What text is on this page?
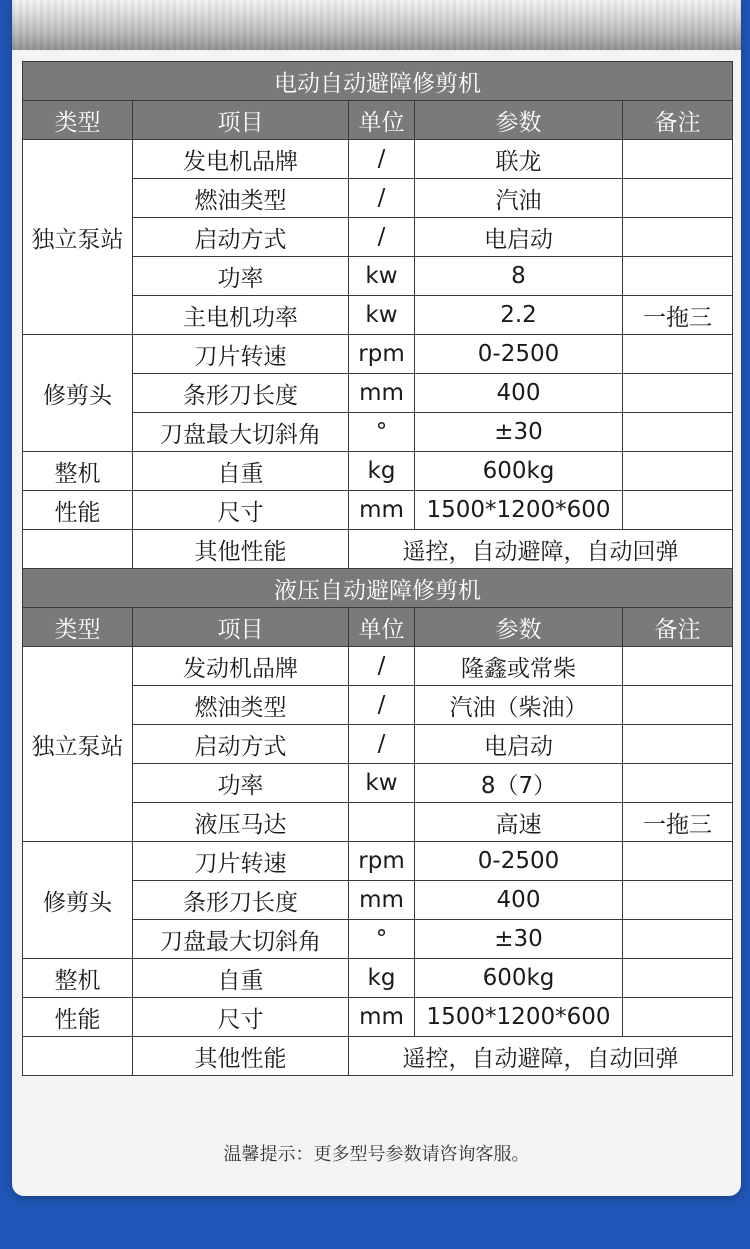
电动自动避障修剪机				
类型	项目	单位	参数	备注
独立泵站	发电机品牌	/	联龙	
	燃油类型	/	汽油	
	启动方式	/	电启动	
	功率	kw	8	
	主电机功率	kw	2.2	一拖三
修剪头	刀片转速	rpm	0-2500	
	条形刀长度	mm	400	
	刀盘最大切斜角	°	±30	
整机	自重	kg	600kg	
性能	尺寸	mm	1500*1200*600	
	其他性能	遥控，自动避障，自动回弹		
液压自动避障修剪机				
类型	项目	单位	参数	备注
独立泵站	发动机品牌	/	隆鑫或常柴	
	燃油类型	/	汽油（柴油）	
	启动方式	/	电启动	
	功率	kw	8（7）	
	液压马达		高速	一拖三
修剪头	刀片转速	rpm	0-2500	
	条形刀长度	mm	400	
	刀盘最大切斜角	°	±30	
整机	自重	kg	600kg	
性能	尺寸	mm	1500*1200*600	
	其他性能	遥控，自动避障，自动回弹		
温馨提示：更多型号参数请咨询客服。
